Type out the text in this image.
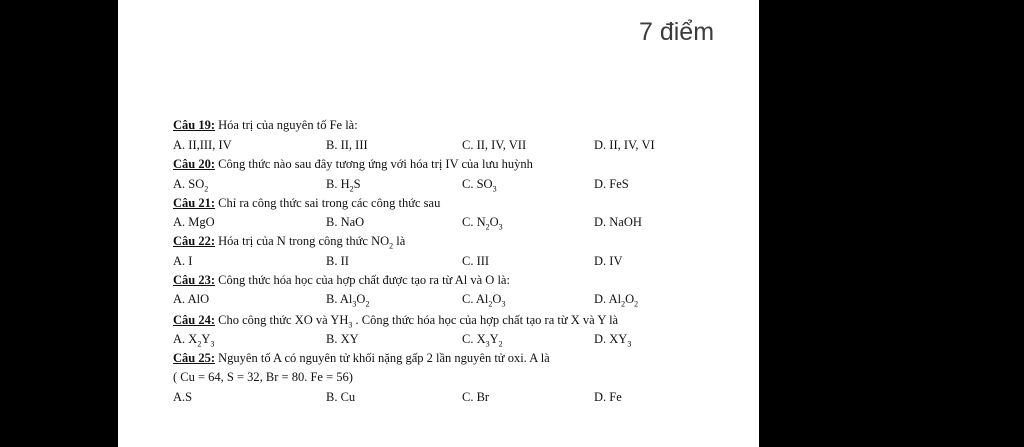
7 điểm
Câu 19: Hóa trị của nguyên tố Fe là:
A. II,III, IV	B. II, III	C. II, IV, VII	D. II, IV, VI
Câu 20: Công thức nào sau đây tương ứng với hóa trị IV của lưu huỳnh
A. $SO_2$	B. $H_2S$	C. $SO_3$	D. FeS
Câu 21: Chỉ ra công thức sai trong các công thức sau
A. MgO	B. NaO	C. $N_2O_3$	D. NaOH
Câu 22: Hóa trị của N trong công thức $NO_2$ là
A. I	B. II	C. III	D. IV
Câu 23: Công thức hóa học của hợp chất được tạo ra từ Al và O là:
A. AlO	B. $Al_3O_2$	C. $Al_2O_3$	D. $Al_2O_2$
Câu 24: Cho công thức XO và $YH_3$ . Công thức hóa học của hợp chất tạo ra từ X và Y là
A. $X_2Y_3$	B. XY	C. $X_3Y_2$	D. $XY_3$
Câu 25: Nguyên tố A có nguyên tử khối nặng gấp 2 lần nguyên tử oxi. A là
( Cu = 64, S = 32, Br = 80. Fe = 56)
A.S	B. Cu	C. Br	D. Fe
